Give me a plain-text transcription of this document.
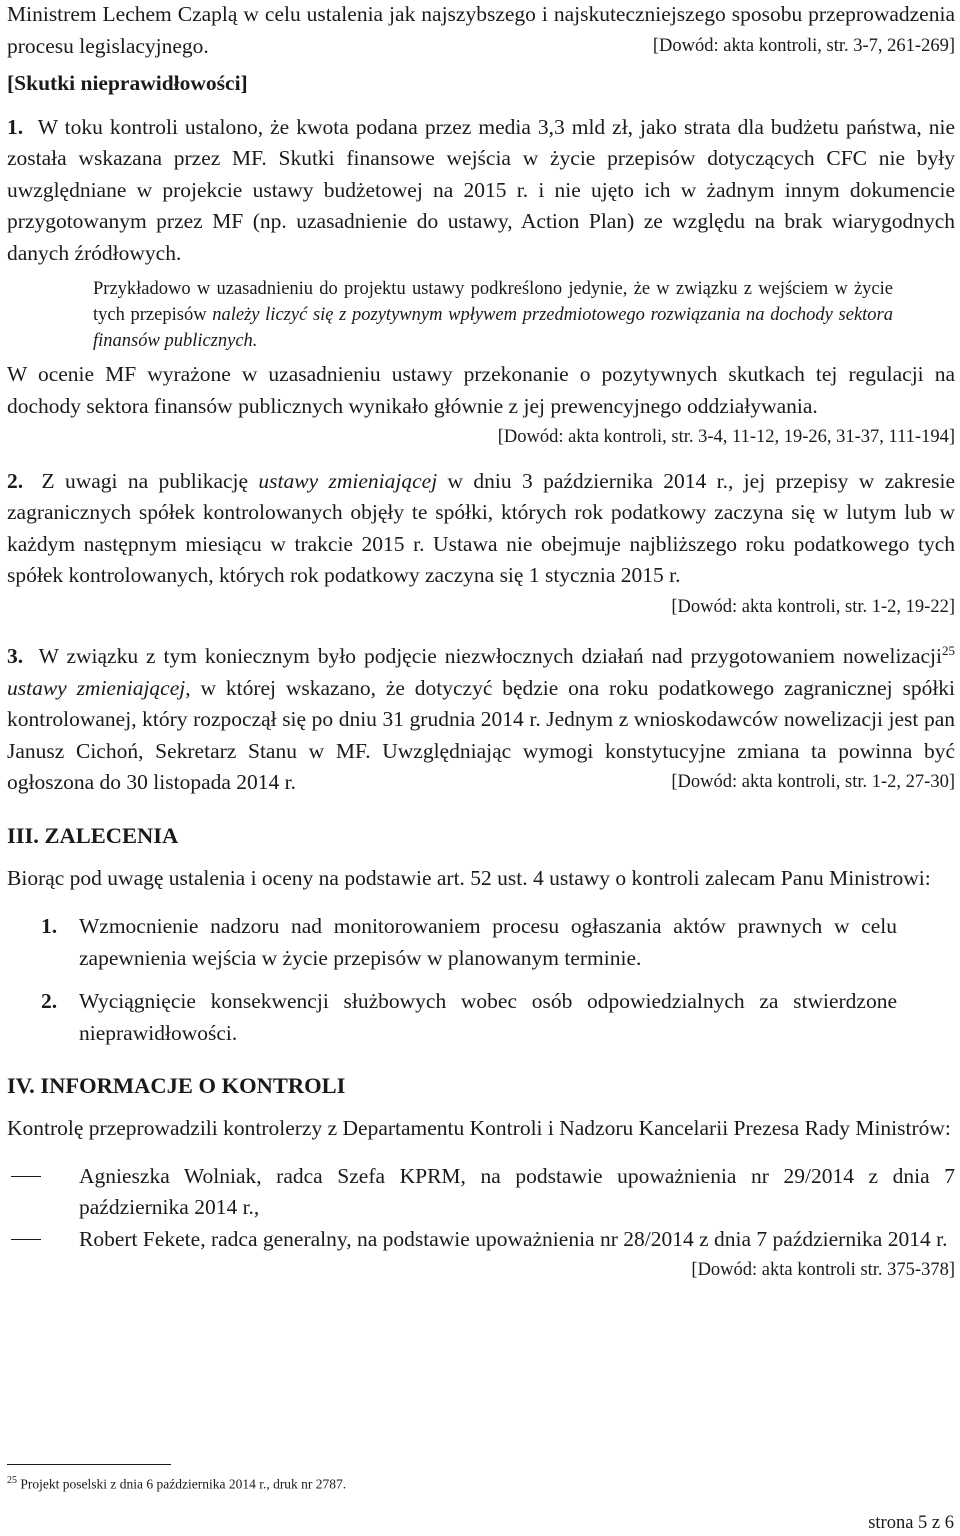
Ministrem Lechem Czaplą w celu ustalenia jak najszybszego i najskuteczniejszego sposobu przeprowadzenia procesu legislacyjnego.	[Dowód: akta kontroli, str. 3-7, 261-269]

[Skutki nieprawidłowości]

1. W toku kontroli ustalono, że kwota podana przez media 3,3 mld zł, jako strata dla budżetu państwa, nie została wskazana przez MF. Skutki finansowe wejścia w życie przepisów dotyczących CFC nie były uwzględniane w projekcie ustawy budżetowej na 2015 r. i nie ujęto ich w żadnym innym dokumencie przygotowanym przez MF (np. uzasadnienie do ustawy, Action Plan) ze względu na brak wiarygodnych danych źródłowych.

Przykładowo w uzasadnieniu do projektu ustawy podkreślono jedynie, że w związku z wejściem w życie tych przepisów należy liczyć się z pozytywnym wpływem przedmiotowego rozwiązania na dochody sektora finansów publicznych.

W ocenie MF wyrażone w uzasadnieniu ustawy przekonanie o pozytywnych skutkach tej regulacji na dochody sektora finansów publicznych wynikało głównie z jej prewencyjnego oddziaływania.
[Dowód: akta kontroli, str. 3-4, 11-12, 19-26, 31-37, 111-194]

2. Z uwagi na publikację ustawy zmieniającej w dniu 3 października 2014 r., jej przepisy w zakresie zagranicznych spółek kontrolowanych objęły te spółki, których rok podatkowy zaczyna się w lutym lub w każdym następnym miesiącu w trakcie 2015 r. Ustawa nie obejmuje najbliższego roku podatkowego tych spółek kontrolowanych, których rok podatkowy zaczyna się 1 stycznia 2015 r.
[Dowód: akta kontroli, str. 1-2, 19-22]

3. W związku z tym koniecznym było podjęcie niezwłocznych działań nad przygotowaniem nowelizacji$^{25}$ ustawy zmieniającej, w której wskazano, że dotyczyć będzie ona roku podatkowego zagranicznej spółki kontrolowanej, który rozpoczął się po dniu 31 grudnia 2014 r. Jednym z wnioskodawców nowelizacji jest pan Janusz Cichoń, Sekretarz Stanu w MF. Uwzględniając wymogi konstytucyjne zmiana ta powinna być ogłoszona do 30 listopada 2014 r.	[Dowód: akta kontroli, str. 1-2, 27-30]

III. ZALECENIA

Biorąc pod uwagę ustalenia i oceny na podstawie art. 52 ust. 4 ustawy o kontroli zalecam Panu Ministrowi:

1. Wzmocnienie nadzoru nad monitorowaniem procesu ogłaszania aktów prawnych w celu zapewnienia wejścia w życie przepisów w planowanym terminie.
2. Wyciągnięcie konsekwencji służbowych wobec osób odpowiedzialnych za stwierdzone nieprawidłowości.
IV. INFORMACJE O KONTROLI

Kontrolę przeprowadzili kontrolerzy z Departamentu Kontroli i Nadzoru Kancelarii Prezesa Rady Ministrów:

Agnieszka Wolniak, radca Szefa KPRM, na podstawie upoważnienia nr 29/2014 z dnia 7 października 2014 r.,
Robert Fekete, radca generalny, na podstawie upoważnienia nr 28/2014 z dnia 7 października 2014 r.
[Dowód: akta kontroli str. 375-378]
$^{25}$ Projekt poselski z dnia 6 października 2014 r., druk nr 2787.
strona 5 z 6
